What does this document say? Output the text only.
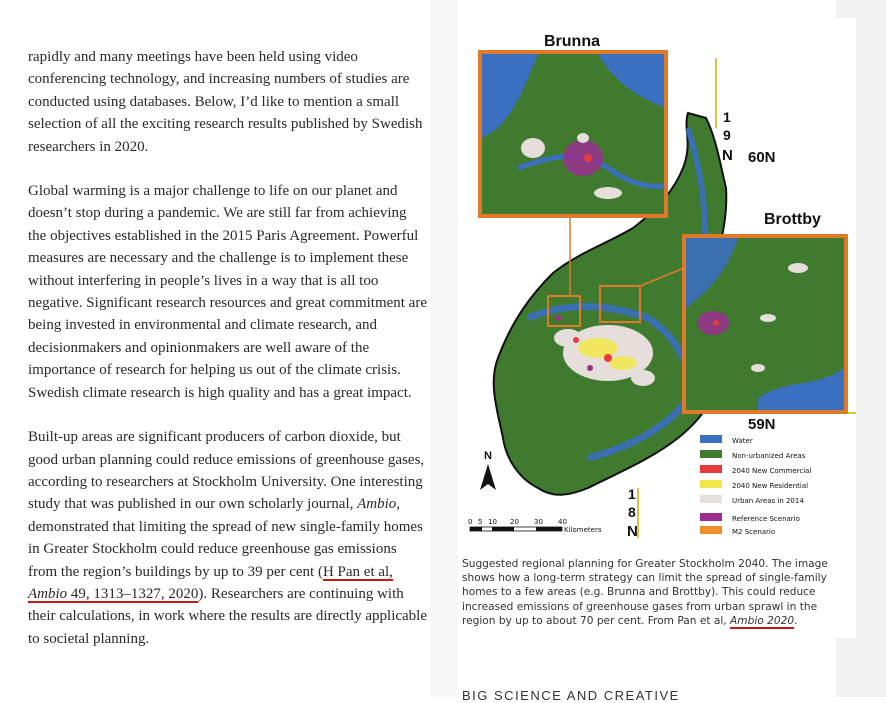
rapidly and many meetings have been held using video conferencing technology, and increasing numbers of studies are conducted using databases. Below, I’d like to mention a small selection of all the exciting research results published by Swedish researchers in 2020.

Global warming is a major challenge to life on our planet and doesn’t stop during a pandemic. We are still far from achieving the objectives established in the 2015 Paris Agreement. Powerful measures are necessary and the challenge is to implement these without interfering in people’s lives in a way that is all too negative. Significant research resources and great commitment are being invested in environmental and climate research, and decisionmakers and opinionmakers are well aware of the importance of research for helping us out of the climate crisis. Swedish climate research is high quality and has a great impact.

Built-up areas are significant producers of carbon dioxide, but good urban planning could reduce emissions of greenhouse gases, according to researchers at Stockholm University. One interesting study that was published in our own scholarly journal, Ambio, demonstrated that limiting the spread of new single-family homes in Greater Stockholm could reduce greenhouse gas emissions from the region’s buildings by up to 39 per cent (H Pan et al, Ambio 49, 1313–1327, 2020). Researchers are continuing with their calculations, in work where the results are directly applicable to societal planning.

Brunna
Brottby
1
9
N 60N
59N
1
8
N
N
0 5 10 20 30 40
Kilometers
Water
Non-urbanized Areas
2040 New Commercial
2040 New Residential
Urban Areas in 2014
Reference Scenario
M2 Scenario
Suggested regional planning for Greater Stockholm 2040. The image shows how a long-term strategy can limit the spread of single-family homes to a few areas (e.g. Brunna and Brottby). This could reduce increased emissions of greenhouse gases from urban sprawl in the region by up to about 70 per cent. From Pan et al, Ambio 2020.
BIG SCIENCE AND CREATIVE
